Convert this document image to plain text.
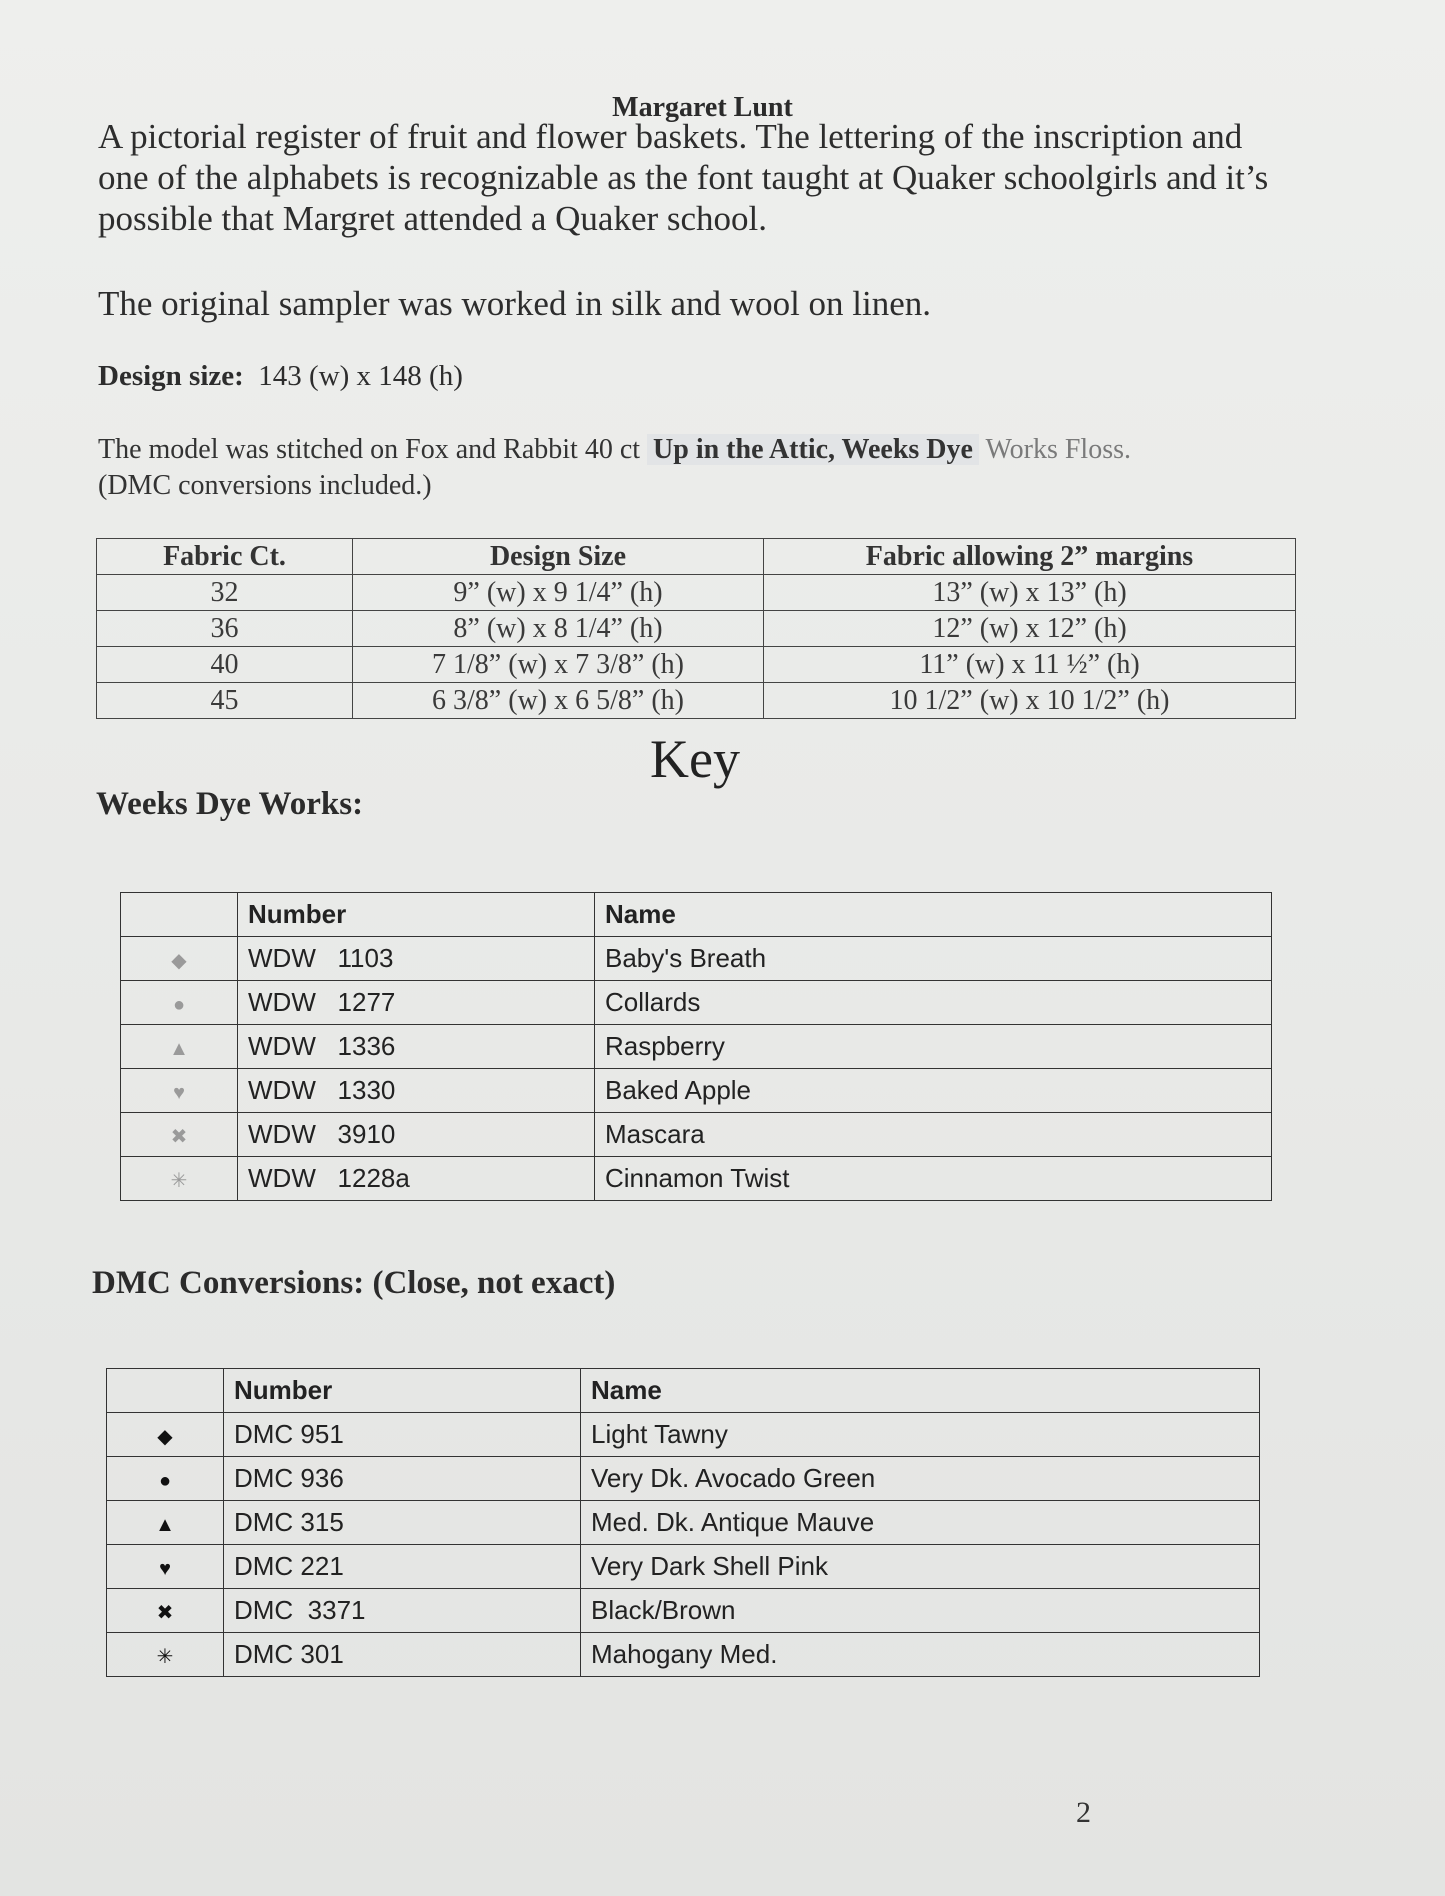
Margaret Lunt

A pictorial register of fruit and flower baskets. The lettering of the inscription and one of the alphabets is recognizable as the font taught at Quaker schoolgirls and it’s possible that Margret attended a Quaker school.

The original sampler was worked in silk and wool on linen.

Design size: 143 (w) x 148 (h)

The model was stitched on Fox and Rabbit 40 ct Up in the Attic, Weeks Dye Works Floss.
(DMC conversions included.)

Fabric Ct.	Design Size	Fabric allowing 2” margins
32	9” (w) x 9 1/4” (h)	13” (w) x 13” (h)
36	8” (w) x 8 1/4” (h)	12” (w) x 12” (h)
40	7 1/8” (w) x 7 3/8” (h)	11” (w) x 11 ½” (h)
45	6 3/8” (w) x 6 5/8” (h)	10 1/2” (w) x 10 1/2” (h)
Key
Weeks Dye Works:
	Number	Name
◆	WDW   1103	Baby's Breath
●	WDW   1277	Collards
▲	WDW   1336	Raspberry
♥	WDW   1330	Baked Apple
✖	WDW   3910	Mascara
✳	WDW   1228a	Cinnamon Twist
DMC Conversions: (Close, not exact)
	Number	Name
◆	DMC 951	Light Tawny
●	DMC 936	Very Dk. Avocado Green
▲	DMC 315	Med. Dk. Antique Mauve
♥	DMC 221	Very Dark Shell Pink
✖	DMC  3371	Black/Brown
✳	DMC 301	Mahogany Med.
2
